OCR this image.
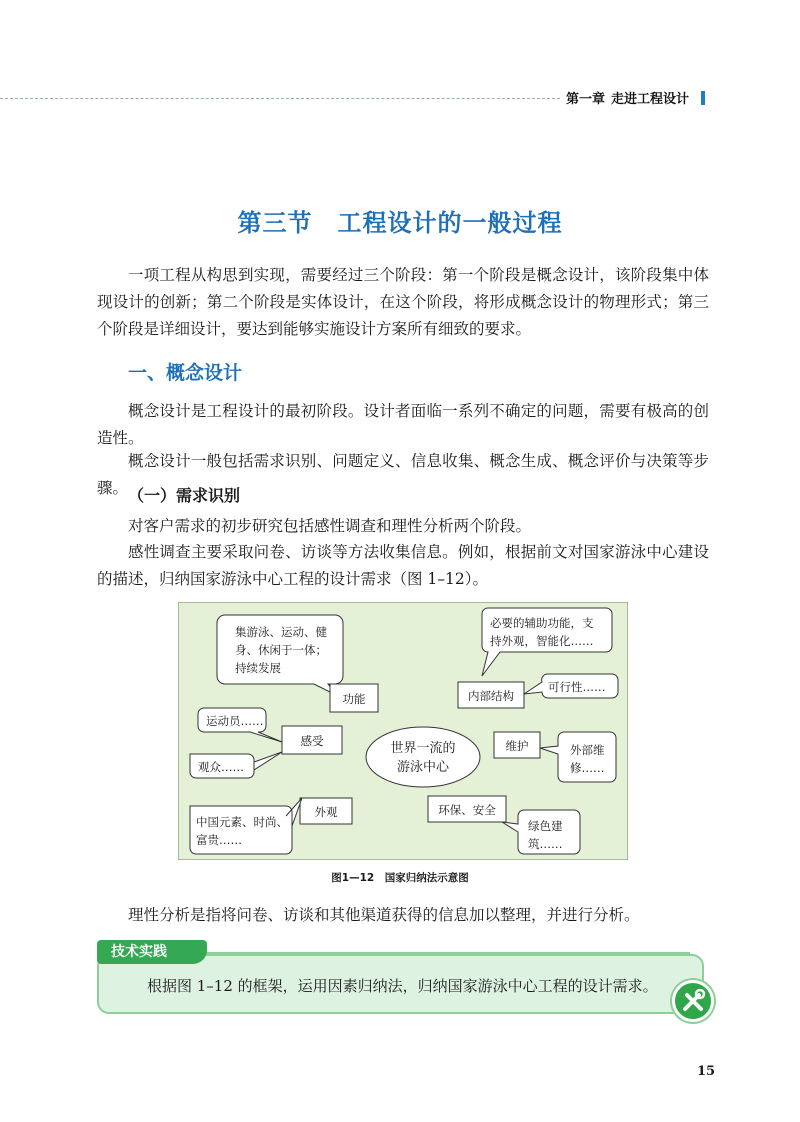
第一章 走进工程设计
第三节　工程设计的一般过程
一项工程从构思到实现，需要经过三个阶段：第一个阶段是概念设计，该阶段集中体现设计的创新；第二个阶段是实体设计，在这个阶段，将形成概念设计的物理形式；第三个阶段是详细设计，要达到能够实施设计方案所有细致的要求。
一、概念设计
概念设计是工程设计的最初阶段。设计者面临一系列不确定的问题，需要有极高的创造性。
概念设计一般包括需求识别、问题定义、信息收集、概念生成、概念评价与决策等步骤。 （一）需求识别
对客户需求的初步研究包括感性调查和理性分析两个阶段。
感性调查主要采取问卷、访谈等方法收集信息。例如，根据前文对国家游泳中心建设的描述，归纳国家游泳中心工程的设计需求（图 1–12）。
世界一流的
游泳中心
集游泳、运动、健
身、休闲于一体；
持续发展
功能
运动员……
观众……
感受
外观
中国元素、时尚、
富贵……
必要的辅助功能，支
持外观，智能化……
内部结构
可行性……
维护	外部维
修……
环保、安全
绿色建
筑……
图1—12　国家归纳法示意图
理性分析是指将问卷、访谈和其他渠道获得的信息加以整理，并进行分析。
技术实践
根据图 1–12 的框架，运用因素归纳法，归纳国家游泳中心工程的设计需求。
15
